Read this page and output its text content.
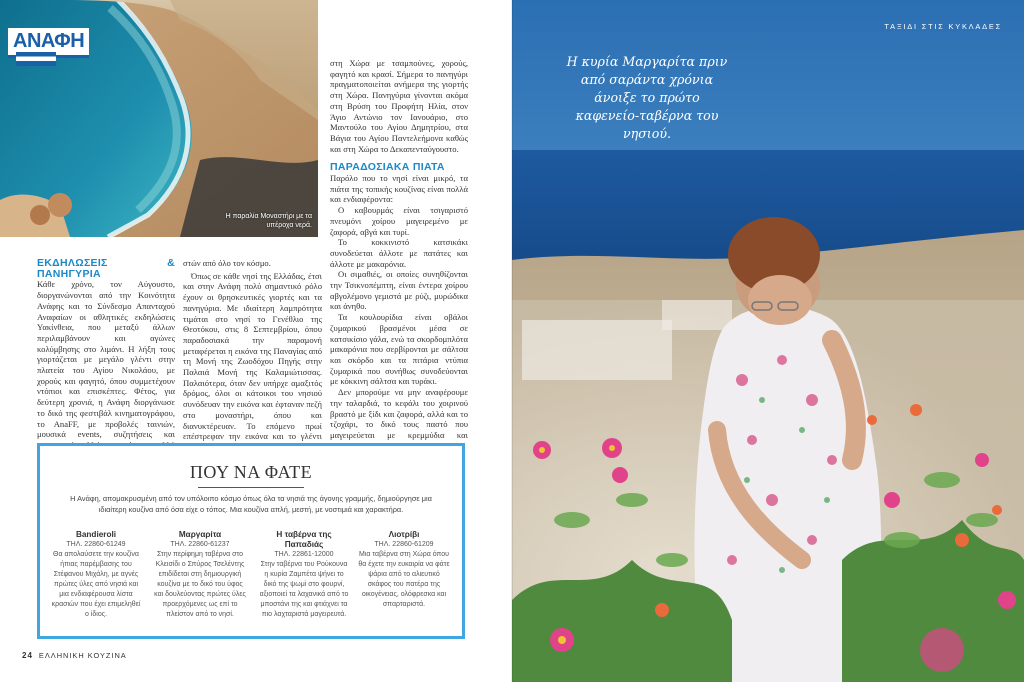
ΑΝΑΦΗ
Η παραλία Μοναστήρι με τα υπέροχα νερά.
ΕΚΔΗΛΩΣΕΙΣ & ΠΑΝΗΓΥΡΙΑ

Κάθε χρόνο, τον Αύγουστο, διοργανώνονται από την Κοινότητα Ανάφης και το Σύνδεσμο Απανταχού Αναφαίων οι αθλητικές εκδηλώσεις Υακίνθεια, που μεταξύ άλλων περιλαμβάνουν και αγώνες κολύμβησης στο λιμάνι. Η λήξη τους γιορτάζεται με μεγάλο γλέντι στην πλατεία του Αγίου Νικολάου, με χορούς και φαγητό, όπου συμμετέχουν ντόπιοι και επισκέπτες. Φέτος, για δεύτερη χρονιά, η Ανάφη διοργάνωσε το δικό της φεστιβάλ κινηματογράφου, το AnaFF, με προβολές ταινιών, μουσικά events, συζητήσεις και

στών από όλο τον κόσμο.

Όπως σε κάθε νησί της Ελλάδας, έτσι και στην Ανάφη πολύ σημαντικό ρόλο έχουν οι θρησκευτικές γιορτές και τα πανηγύρια. Με ιδιαίτερη λαμπρότητα τιμάται στο νησί το Γενέθλιο της Θεοτόκου, στις 8 Σεπτεμβρίου, όπου παραδοσιακά την παραμονή μεταφέρεται η εικόνα της Παναγίας από τη Μονή της Ζωοδόχου Πηγής στην Παλαιά Μονή της Καλαμιώτισσας. Παλαιότερα, όταν δεν υπήρχε αμαξιτός δρόμος, όλοι οι κάτοικοι του νησιού συνόδευαν την εικόνα και έφταναν πεζή στο μοναστήρι, όπου και διανυκτέρευαν. Το επόμενο πρωί επέστρεφαν την εικόνα και το γλέντι

στη Χώρα με τσαμπούνες, χορούς, φαγητό και κρασί. Σήμερα το πανηγύρι πραγματοποιείται ανήμερα της γιορτής στη Χώρα. Πανηγύρια γίνονται ακόμα στη Βρύση του Προφήτη Ηλία, στον Άγιο Αντώνιο τον Ιανουάριο, στο Μαντούλο του Αγίου Δημητρίου, στα Βάγια του Αγίου Παντελεήμονα καθώς και στη Χώρα το Δεκαπενταύγουστο.

ΠΑΡΑΔΟΣΙΑΚΑ ΠΙΑΤΑ

Παρόλο που το νησί είναι μικρό, τα πιάτα της τοπικής κουζίνας είναι πολλά και ενδιαφέροντα:

Ο καβουρμάς είναι τσιγαριστό πνευμόνι χοίρου μαγειρεμένο με ζαφορά, αβγά και τυρί.

Το κοκκινιστό κατσικάκι συνοδεύεται άλλοτε με πατάτες και άλλοτε με μακαρόνια.

Οι σιμαθιές, οι οποίες συνηθίζονται την Τσικνοπέμπτη, είναι έντερα χοίρου αβγολέμονο γεμιστά με ρύζι, μυρώδικα και άνηθο.

Τα κουλουρίδια είναι οβάλοι ζυμαρικού βρασμένοι μέσα σε κατσικίσιο γάλα, ενώ τα σκορδομπλότα μακαρόνια που σερβίρονται με σάλτσα και σκόρδο και τα πιτάρια ντύπια ζυμαρικά που συνήθως συνοδεύονται με κόκκινη σάλτσα και τυράκι.

Δεν μπορούμε να μην αναφέρουμε την ταλαρδιά, το κεφάλι του χοιρινού βραστό με ξίδι και ζαφορά, αλλά και το τζοχάρι, το δικό τους παστό που μαγειρεύεται με κρεμμύδια και

ΠΟΥ ΝΑ ΦΑΤΕ
Η Ανάφη, απομακρυσμένη από τον υπόλοιπο κόσμο όπως όλα τα νησιά της άγονης γραμμής, δημιούργησε μια ιδιαίτερη κουζίνα από όσα είχε ο τόπος. Μια κουζίνα απλή, μεστή, με νοστιμιά και χαρακτήρα.
Bandieroli
ΤΗΛ. 22860-61249
Θα απολαύσετε την κουζίνα ήπιας παρέμβασης του Στέφανου Μιχάλη, με αγνές πρώτες ύλες από νησιά και μια ενδιαφέρουσα λίστα κρασιών που έχει επιμεληθεί ο ίδιος.
Μαργαρίτα
ΤΗΛ. 22860-61237
Στην περίφημη ταβέρνα στο Κλεισίδι ο Σπύρος Τσελέντης επιδίδεται στη δημιουργική κουζίνα με το δικό του ύφος και δουλεύοντας πρώτες ύλες προερχόμενες ως επί το πλείστον από το νησί.
Η ταβέρνα της Παπαδιάς
ΤΗΛ. 22861-12000
Στην ταβέρνα του Ρούκουνα η κυρία Ζαμπέτα ψήνει το δικό της ψωμί στο φουρνί, αξιοποιεί τα λαχανικά από το μποστάνι της και φτιάχνει τα πιο λαχταριστά μαγειρευτά.
Λιοτρίβι
ΤΗΛ. 22860-61209
Μια ταβέρνα στη Χώρα όπου θα έχετε την ευκαιρία να φάτε ψάρια από το αλιευτικό σκάφος του πατέρα της οικογένειας, ολόφρεσκα και σπαρταριστά.
24 ΕΛΛΗΝΙΚΗ ΚΟΥΖΙΝΑ
ΤΑΞΙΔΙ ΣΤΙΣ ΚΥΚΛΑΔΕΣ
Η κυρία Μαργαρίτα πριν από σαράντα χρόνια άνοιξε το πρώτο καφενείο-ταβέρνα του νησιού.
